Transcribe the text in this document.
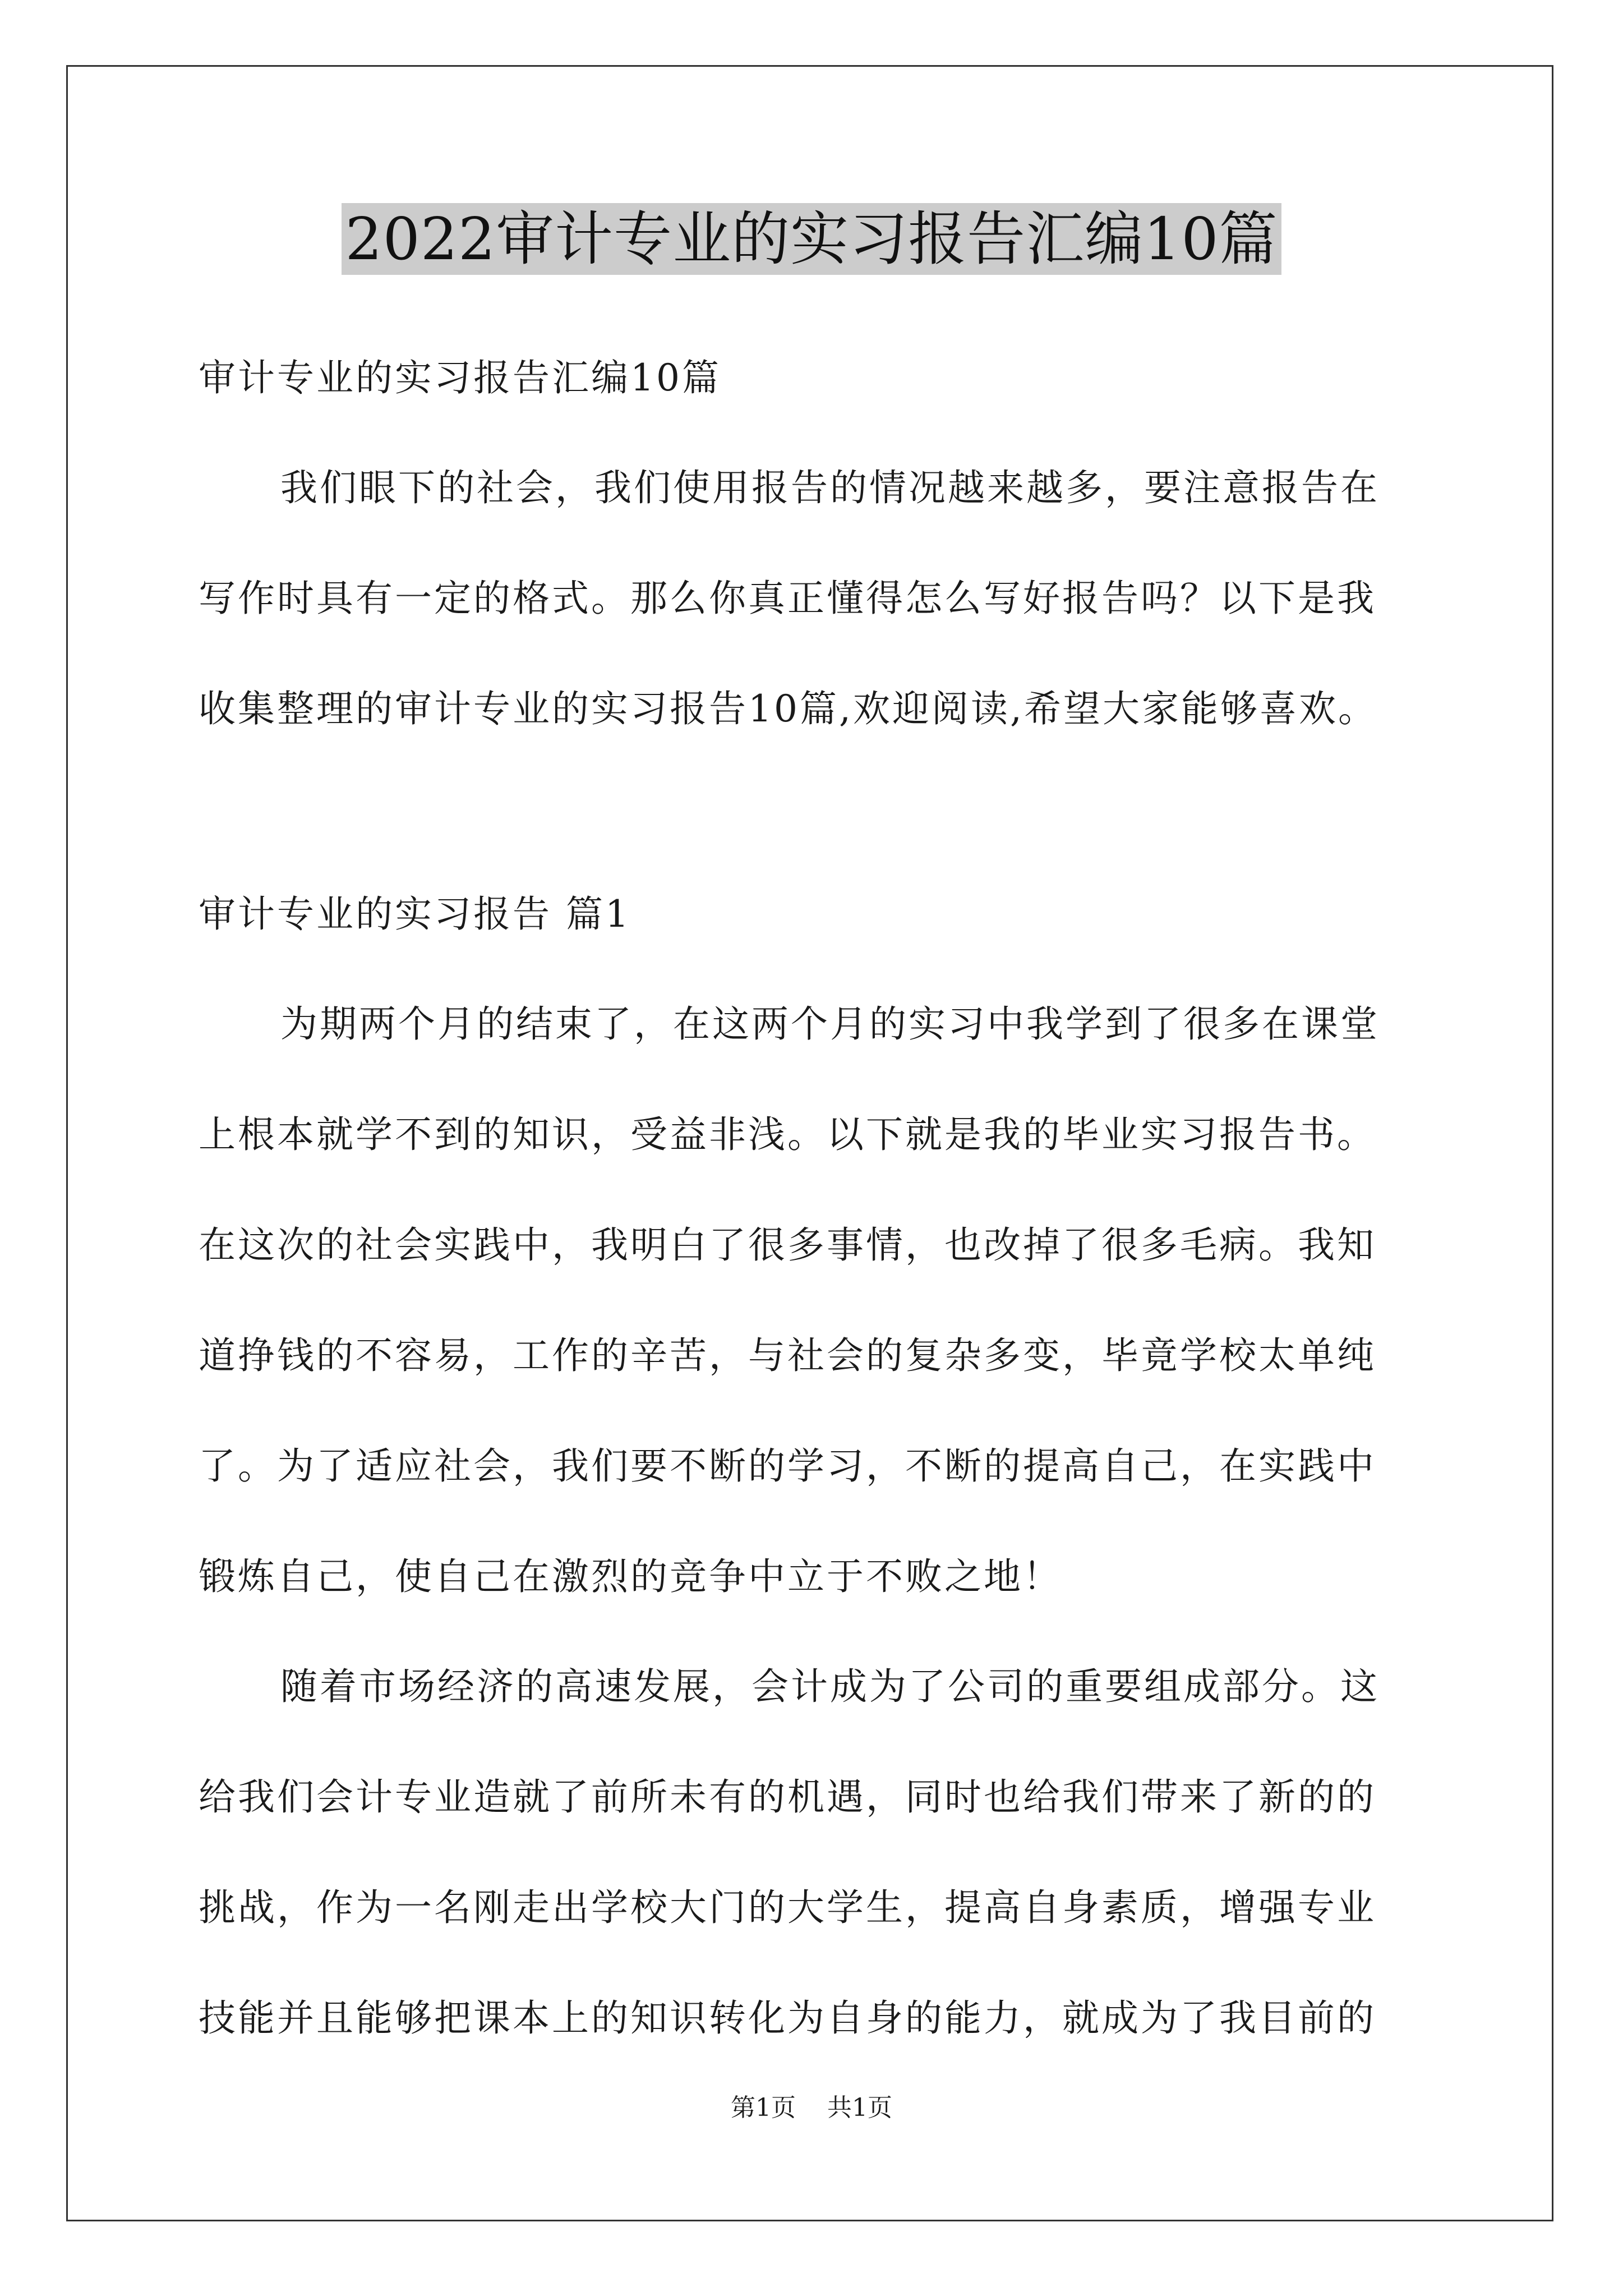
2022审计专业的实习报告汇编10篇
审计专业的实习报告汇编10篇
我们眼下的社会，我们使用报告的情况越来越多，要注意报告在
写作时具有一定的格式。那么你真正懂得怎么写好报告吗？以下是我
收集整理的审计专业的实习报告10篇,欢迎阅读,希望大家能够喜欢。
审计专业的实习报告 篇1
为期两个月的结束了，在这两个月的实习中我学到了很多在课堂
上根本就学不到的知识，受益非浅。以下就是我的毕业实习报告书。
在这次的社会实践中，我明白了很多事情，也改掉了很多毛病。我知
道挣钱的不容易，工作的辛苦，与社会的复杂多变，毕竟学校太单纯
了。为了适应社会，我们要不断的学习，不断的提高自己，在实践中
锻炼自己，使自己在激烈的竞争中立于不败之地！
随着市场经济的高速发展，会计成为了公司的重要组成部分。这
给我们会计专业造就了前所未有的机遇，同时也给我们带来了新的的
挑战，作为一名刚走出学校大门的大学生，提高自身素质，增强专业
技能并且能够把课本上的知识转化为自身的能力，就成为了我目前的
第1页 共1页
